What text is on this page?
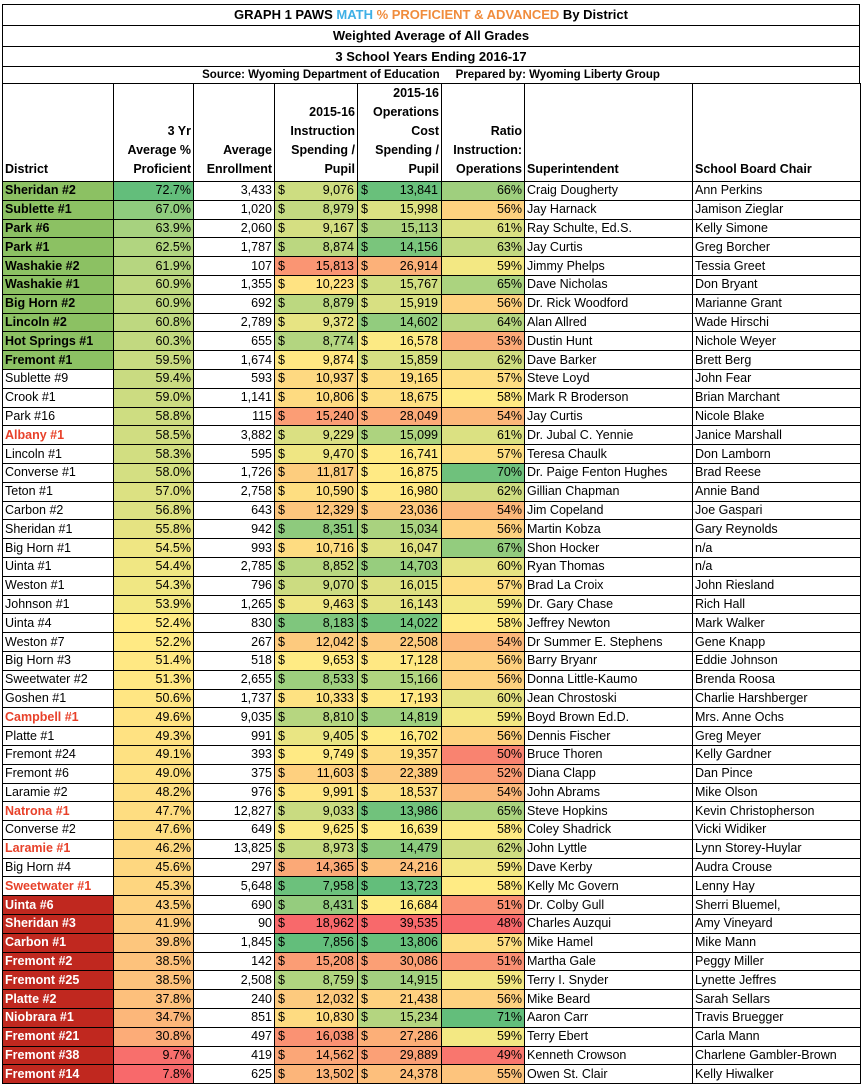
GRAPH 1 PAWS MATH % PROFICIENT & ADVANCED By District
Weighted Average of All Grades
3 School Years Ending 2016-17
Source: Wyoming Department of Education Prepared by: Wyoming Liberty Group
District	3 Yr Average % Proficient	Average Enrollment	2015-16 Instruction Spending / Pupil	2015-16 Operations Cost Spending / Pupil	Ratio Instruction: Operations	Superintendent	School Board Chair
Sheridan #2	72.7%	3,433	$ 9,076	$ 13,841	66%	Craig Dougherty	Ann Perkins
Sublette #1	67.0%	1,020	$ 8,979	$ 15,998	56%	Jay Harnack	Jamison Zieglar
Park #6	63.9%	2,060	$ 9,167	$ 15,113	61%	Ray Schulte, Ed.S.	Kelly Simone
Park #1	62.5%	1,787	$ 8,874	$ 14,156	63%	Jay Curtis	Greg Borcher
Washakie #2	61.9%	107	$ 15,813	$ 26,914	59%	Jimmy Phelps	Tessia Greet
Washakie #1	60.9%	1,355	$ 10,223	$ 15,767	65%	Dave Nicholas	Don Bryant
Big Horn #2	60.9%	692	$ 8,879	$ 15,919	56%	Dr. Rick Woodford	Marianne Grant
Lincoln #2	60.8%	2,789	$ 9,372	$ 14,602	64%	Alan Allred	Wade Hirschi
Hot Springs #1	60.3%	655	$ 8,774	$ 16,578	53%	Dustin Hunt	Nichole Weyer
Fremont #1	59.5%	1,674	$ 9,874	$ 15,859	62%	Dave Barker	Brett Berg
Sublette #9	59.4%	593	$ 10,937	$ 19,165	57%	Steve Loyd	John Fear
Crook #1	59.0%	1,141	$ 10,806	$ 18,675	58%	Mark R Broderson	Brian Marchant
Park #16	58.8%	115	$ 15,240	$ 28,049	54%	Jay Curtis	Nicole Blake
Albany #1	58.5%	3,882	$ 9,229	$ 15,099	61%	Dr. Jubal C. Yennie	Janice Marshall
Lincoln #1	58.3%	595	$ 9,470	$ 16,741	57%	Teresa Chaulk	Don Lamborn
Converse #1	58.0%	1,726	$ 11,817	$ 16,875	70%	Dr. Paige Fenton Hughes	Brad Reese
Teton #1	57.0%	2,758	$ 10,590	$ 16,980	62%	Gillian Chapman	Annie Band
Carbon #2	56.8%	643	$ 12,329	$ 23,036	54%	Jim Copeland	Joe Gaspari
Sheridan #1	55.8%	942	$ 8,351	$ 15,034	56%	Martin Kobza	Gary Reynolds
Big Horn #1	54.5%	993	$ 10,716	$ 16,047	67%	Shon Hocker	n/a
Uinta #1	54.4%	2,785	$ 8,852	$ 14,703	60%	Ryan Thomas	n/a
Weston #1	54.3%	796	$ 9,070	$ 16,015	57%	Brad La Croix	John Riesland
Johnson #1	53.9%	1,265	$ 9,463	$ 16,143	59%	Dr. Gary Chase	Rich Hall
Uinta #4	52.4%	830	$ 8,183	$ 14,022	58%	Jeffrey Newton	Mark Walker
Weston #7	52.2%	267	$ 12,042	$ 22,508	54%	Dr Summer E. Stephens	Gene Knapp
Big Horn #3	51.4%	518	$ 9,653	$ 17,128	56%	Barry Bryanr	Eddie Johnson
Sweetwater #2	51.3%	2,655	$ 8,533	$ 15,166	56%	Donna Little-Kaumo	Brenda Roosa
Goshen #1	50.6%	1,737	$ 10,333	$ 17,193	60%	Jean Chrostoski	Charlie Harshberger
Campbell #1	49.6%	9,035	$ 8,810	$ 14,819	59%	Boyd Brown Ed.D.	Mrs. Anne Ochs
Platte #1	49.3%	991	$ 9,405	$ 16,702	56%	Dennis Fischer	Greg Meyer
Fremont #24	49.1%	393	$ 9,749	$ 19,357	50%	Bruce Thoren	Kelly Gardner
Fremont #6	49.0%	375	$ 11,603	$ 22,389	52%	Diana Clapp	Dan Pince
Laramie #2	48.2%	976	$ 9,991	$ 18,537	54%	John Abrams	Mike Olson
Natrona #1	47.7%	12,827	$ 9,033	$ 13,986	65%	Steve Hopkins	Kevin Christopherson
Converse #2	47.6%	649	$ 9,625	$ 16,639	58%	Coley Shadrick	Vicki Widiker
Laramie #1	46.2%	13,825	$ 8,973	$ 14,479	62%	John Lyttle	Lynn Storey-Huylar
Big Horn #4	45.6%	297	$ 14,365	$ 24,216	59%	Dave Kerby	Audra Crouse
Sweetwater #1	45.3%	5,648	$ 7,958	$ 13,723	58%	Kelly Mc Govern	Lenny Hay
Uinta #6	43.5%	690	$ 8,431	$ 16,684	51%	Dr. Colby Gull	Sherri Bluemel,
Sheridan #3	41.9%	90	$ 18,962	$ 39,535	48%	Charles Auzqui	Amy Vineyard
Carbon #1	39.8%	1,845	$ 7,856	$ 13,806	57%	Mike Hamel	Mike Mann
Fremont #2	38.5%	142	$ 15,208	$ 30,086	51%	Martha Gale	Peggy Miller
Fremont #25	38.5%	2,508	$ 8,759	$ 14,915	59%	Terry I. Snyder	Lynette Jeffres
Platte #2	37.8%	240	$ 12,032	$ 21,438	56%	Mike Beard	Sarah Sellars
Niobrara #1	34.7%	851	$ 10,830	$ 15,234	71%	Aaron Carr	Travis Bruegger
Fremont #21	30.8%	497	$ 16,038	$ 27,286	59%	Terry Ebert	Carla Mann
Fremont #38	9.7%	419	$ 14,562	$ 29,889	49%	Kenneth Crowson	Charlene Gambler-Brown
Fremont #14	7.8%	625	$ 13,502	$ 24,378	55%	Owen St. Clair	Kelly Hiwalker
